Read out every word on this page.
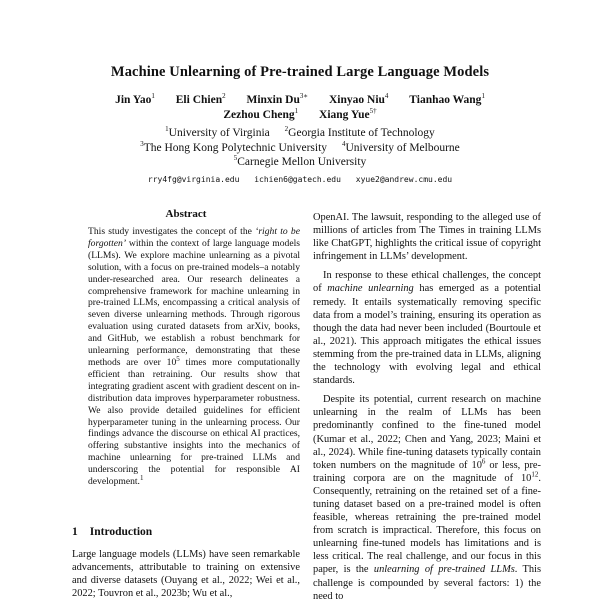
Machine Unlearning of Pre-trained Large Language Models
Jin Yao$^1$ Eli Chien$^2$ Minxin $Du^{3∗}$ Xinyao Niu$^4$ Tianhao Wang$^1$
Zezhou Cheng$^1$ Xiang Yue$^{5\dagger}$
$^1$University of Virginia $^2$Georgia Institute of Technology
$^3$The Hong Kong Polytechnic University $^4$University of Melbourne
$^5$Carnegie Mellon University
rry4fg@virginia.edu ichien6@gatech.edu xyue2@andrew.cmu.edu
Abstract
This study investigates the concept of the ‘right to be forgotten’ within the context of large language models (LLMs). We explore machine unlearning as a pivotal solution, with a focus on pre-trained models–a notably under-researched area. Our research delineates a comprehensive framework for machine unlearning in pre-trained LLMs, encompassing a critical analysis of seven diverse unlearning methods. Through rigorous evaluation using curated datasets from arXiv, books, and GitHub, we establish a robust benchmark for unlearning performance, demonstrating that these methods are over $10^5$ times more computationally efficient than retraining. Our results show that integrating gradient ascent with gradient descent on in-distribution data improves hyperparameter robustness. We also provide detailed guidelines for efficient hyperparameter tuning in the unlearning process. Our findings advance the discourse on ethical AI practices, offering substantive insights into the mechanics of machine unlearning for pre-trained LLMs and underscoring the potential for responsible AI development.$^1$
1 Introduction
Large language models (LLMs) have seen remarkable advancements, attributable to training on extensive and diverse datasets (Ouyang et al., 2022; Wei et al., 2022; Touvron et al., 2023b; Wu et al.,

OpenAI. The lawsuit, responding to the alleged use of millions of articles from The Times in training LLMs like ChatGPT, highlights the critical issue of copyright infringement in LLMs’ development.

In response to these ethical challenges, the concept of machine unlearning has emerged as a potential remedy. It entails systematically removing specific data from a model’s training, ensuring its operation as though the data had never been included (Bourtoule et al., 2021). This approach mitigates the ethical issues stemming from the pre-trained data in LLMs, aligning the technology with evolving legal and ethical standards.

Despite its potential, current research on machine unlearning in the realm of LLMs has been predominantly confined to the fine-tuned model (Kumar et al., 2022; Chen and Yang, 2023; Maini et al., 2024). While fine-tuning datasets typically contain token numbers on the magnitude of $10^6$ or less, pre-training corpora are on the magnitude of $10^{12}$. Consequently, retraining on the retained set of a fine-tuning dataset based on a pre-trained model is often feasible, whereas retraining the pre-trained model from scratch is impractical. Therefore, this focus on unlearning fine-tuned models has limitations and is less critical. The real challenge, and our focus in this paper, is the unlearning of pre-trained LLMs. This challenge is compounded by several factors: 1) the need to
